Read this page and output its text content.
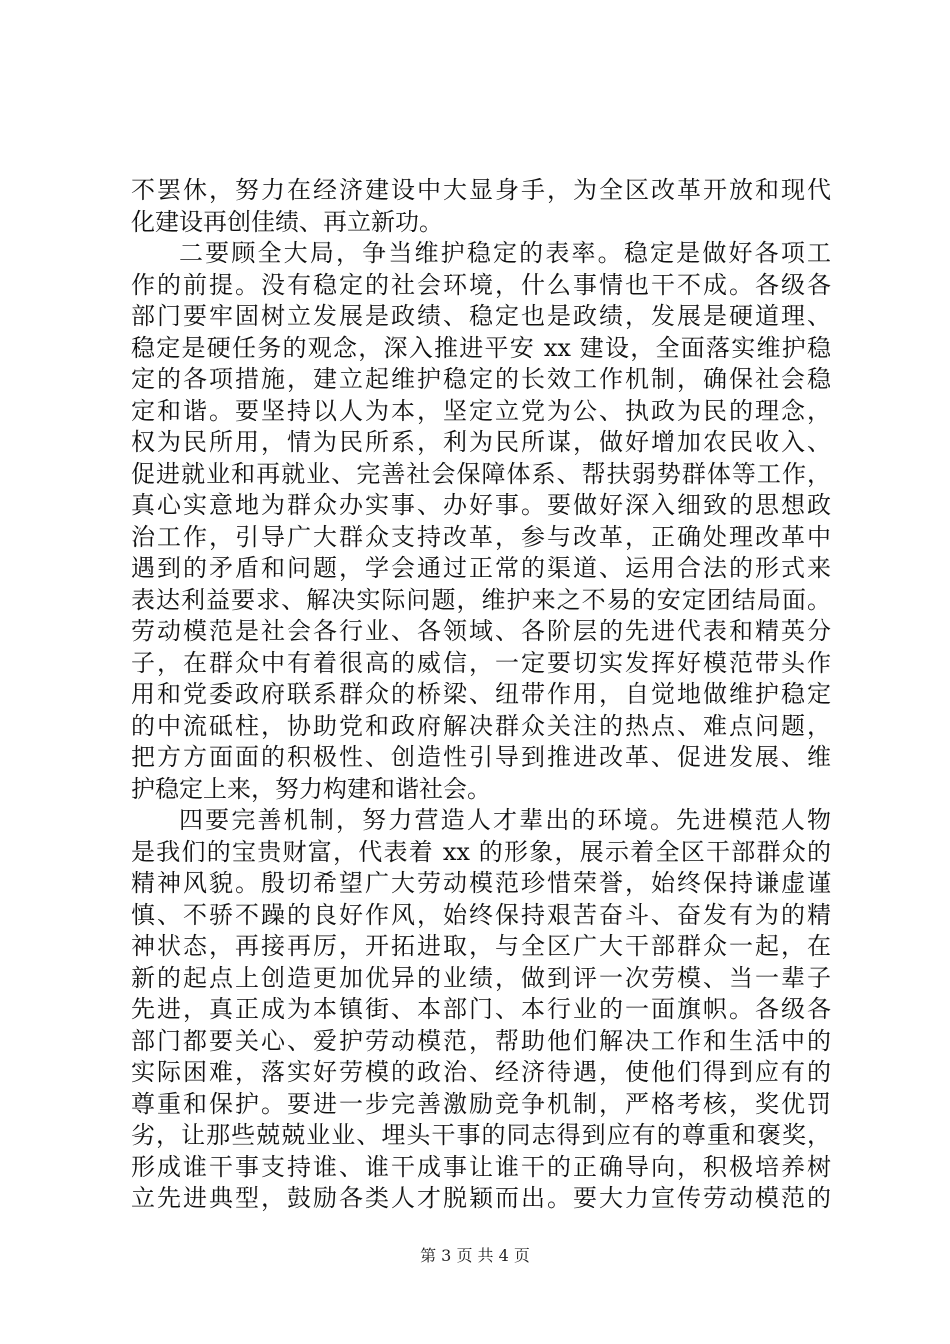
不罢休，努力在经济建设中大显身手，为全区改革开放和现代
化建设再创佳绩、再立新功。
二要顾全大局，争当维护稳定的表率。稳定是做好各项工
作的前提。没有稳定的社会环境，什么事情也干不成。各级各
部门要牢固树立发展是政绩、稳定也是政绩，发展是硬道理、
稳定是硬任务的观念，深入推进平安 xx 建设，全面落实维护稳
定的各项措施，建立起维护稳定的长效工作机制，确保社会稳
定和谐。要坚持以人为本，坚定立党为公、执政为民的理念，
权为民所用，情为民所系，利为民所谋，做好增加农民收入、
促进就业和再就业、完善社会保障体系、帮扶弱势群体等工作，
真心实意地为群众办实事、办好事。要做好深入细致的思想政
治工作，引导广大群众支持改革，参与改革，正确处理改革中
遇到的矛盾和问题，学会通过正常的渠道、运用合法的形式来
表达利益要求、解决实际问题，维护来之不易的安定团结局面。
劳动模范是社会各行业、各领域、各阶层的先进代表和精英分
子，在群众中有着很高的威信，一定要切实发挥好模范带头作
用和党委政府联系群众的桥梁、纽带作用，自觉地做维护稳定
的中流砥柱，协助党和政府解决群众关注的热点、难点问题，
把方方面面的积极性、创造性引导到推进改革、促进发展、维
护稳定上来，努力构建和谐社会。
四要完善机制，努力营造人才辈出的环境。先进模范人物
是我们的宝贵财富，代表着 xx 的形象，展示着全区干部群众的
精神风貌。殷切希望广大劳动模范珍惜荣誉，始终保持谦虚谨
慎、不骄不躁的良好作风，始终保持艰苦奋斗、奋发有为的精
神状态，再接再厉，开拓进取，与全区广大干部群众一起，在
新的起点上创造更加优异的业绩，做到评一次劳模、当一辈子
先进，真正成为本镇街、本部门、本行业的一面旗帜。各级各
部门都要关心、爱护劳动模范，帮助他们解决工作和生活中的
实际困难，落实好劳模的政治、经济待遇，使他们得到应有的
尊重和保护。要进一步完善激励竞争机制，严格考核，奖优罚
劣，让那些兢兢业业、埋头干事的同志得到应有的尊重和褒奖，
形成谁干事支持谁、谁干成事让谁干的正确导向，积极培养树
立先进典型，鼓励各类人才脱颖而出。要大力宣传劳动模范的
第 3 页 共 4 页
